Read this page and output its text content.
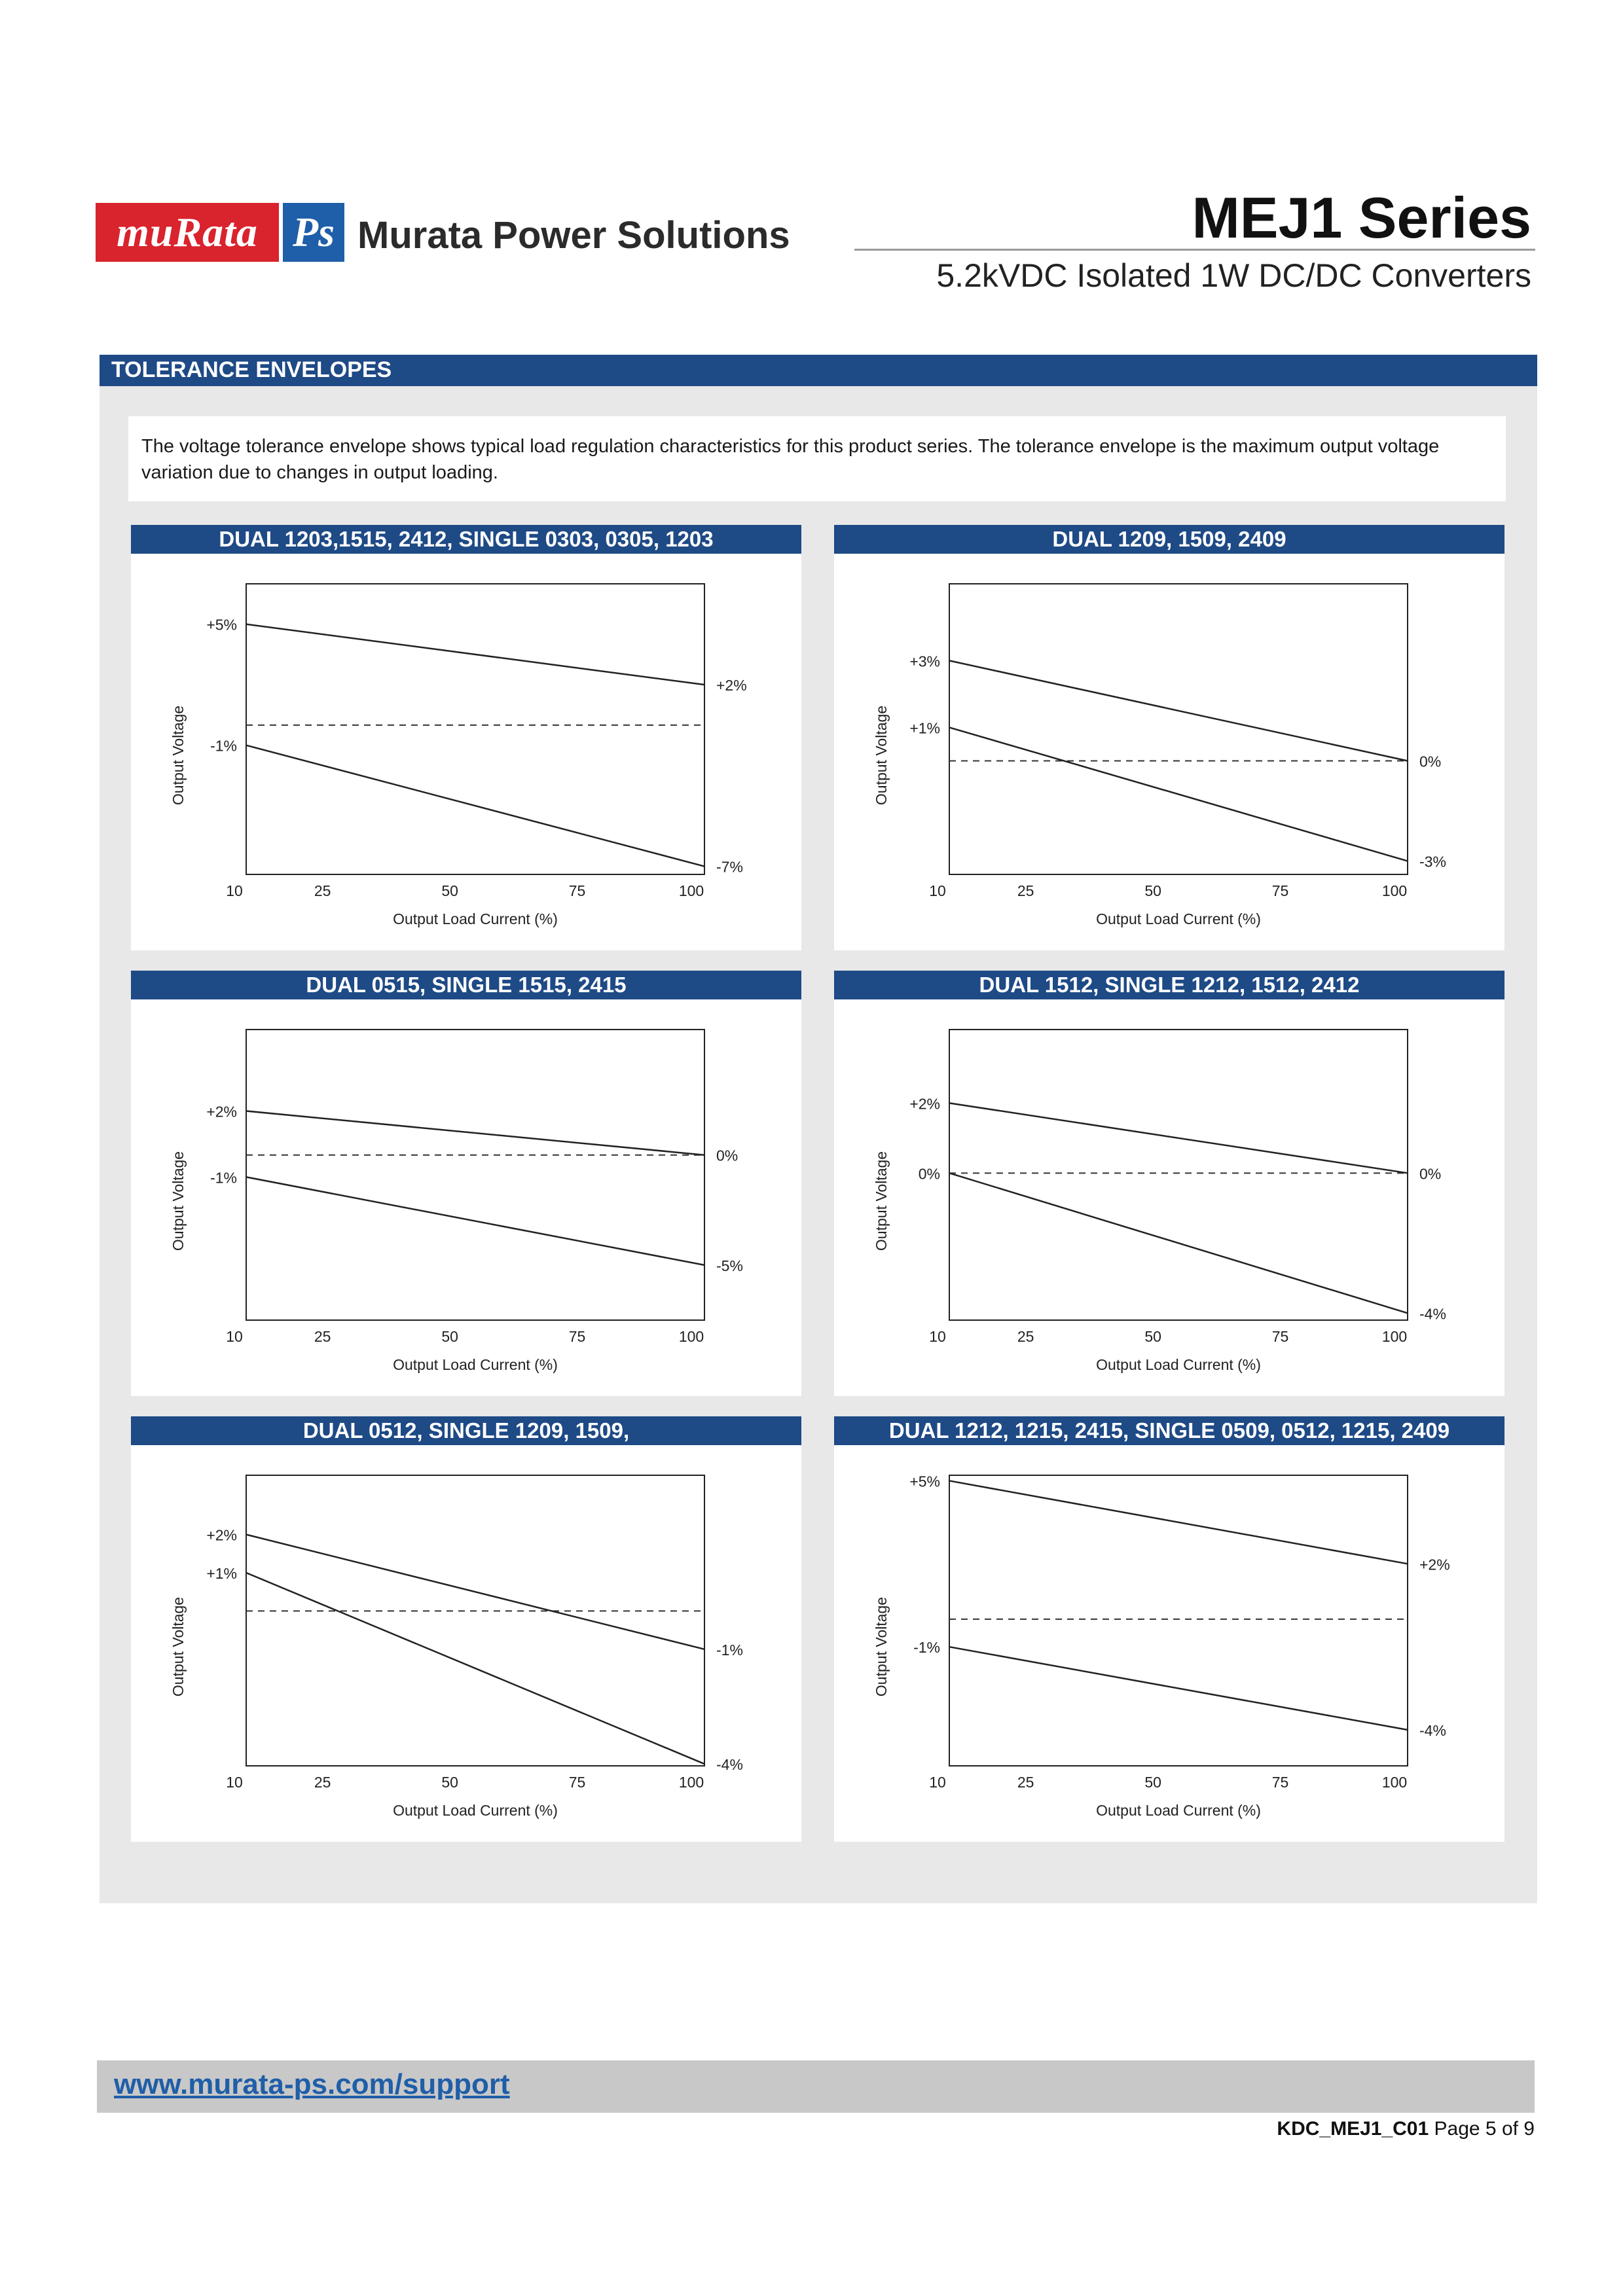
muRata Ps Murata Power Solutions	MEJ1 Series
5.2kVDC Isolated 1W DC/DC Converters
TOLERANCE ENVELOPES
The voltage tolerance envelope shows typical load regulation characteristics for this product series. The tolerance envelope is the maximum output voltage variation due to changes in output loading.
DUAL 1203,1515, 2412, SINGLE 0303, 0305, 1203
+5%
+2%
-1%
-7%
10	25	50	75	100
Output Load Current (%)
Output Voltage
DUAL 1209, 1509, 2409
+3%
0%
+1%
-3%
10	25	50	75	100
Output Load Current (%)
Output Voltage
DUAL 0515, SINGLE 1515, 2415
+2%
0%
-1%
-5%
10	25	50	75	100
Output Load Current (%)
Output Voltage
DUAL 1512, SINGLE 1212, 1512, 2412
+2%
0%
0%
-4%
10	25	50	75	100
Output Load Current (%)
Output Voltage
DUAL 0512, SINGLE 1209, 1509,
+2%
-1%
+1%
-4%
10	25	50	75	100
Output Load Current (%)
Output Voltage
DUAL 1212, 1215, 2415, SINGLE 0509, 0512, 1215, 2409
+5%
+2%
-1%
-4%
10	25	50	75	100
Output Load Current (%)
Output Voltage
www.murata-ps.com/support
KDC_MEJ1_C01 Page 5 of 9
